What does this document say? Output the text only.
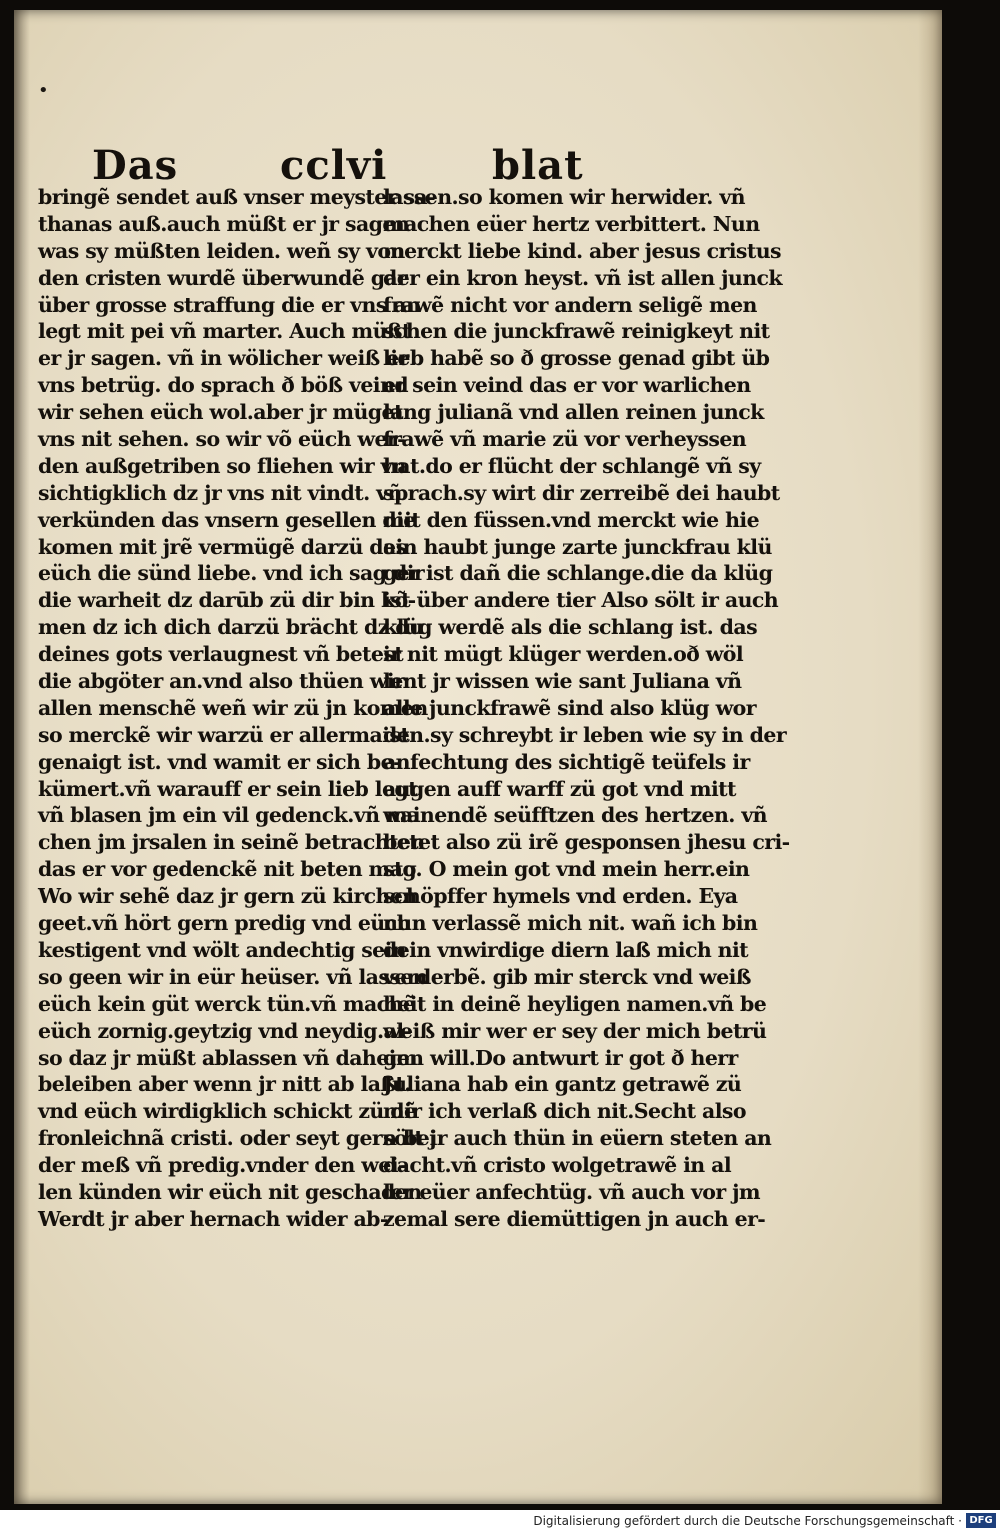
•
Das	cclvi	blat
bringẽ sendet auß vnser meyster sa-
thanas auß.auch müßt er jr sagen
was sy müßten leiden. weñ sy von
den cristen wurdẽ überwundẽ gar
über grosse straffung die er vns an
legt mit pei vñ marter. Auch müßt
er jr sagen. vñ in wölicher weiß er
vns betrüg. do sprach ð böß veind
wir sehen eüch wol.aber jr müget
vns nit sehen. so wir võ eüch wer-
den außgetriben so fliehen wir vn
sichtigklich dz jr vns nit vindt. vñ
verkünden das vnsern gesellen die
komen mit jrẽ vermügẽ darzü das
eüch die sünd liebe. vnd ich sag dir
die warheit dz darūb zü dir bin kõ-
men dz ich dich darzü brächt dz du
deines gots verlaugnest vñ betest
die abgöter an.vnd also thüen wir
allen menschẽ weñ wir zü jn komen
so merckẽ wir warzü er allermaist
genaigt ist. vnd wamit er sich be-
kümert.vñ warauff er sein lieb legt
vñ blasen jm ein vil gedenck.vñ ma
chen jm jrsalen in seinẽ betrachten
das er vor gedenckẽ nit beten mag
Wo wir sehẽ daz jr gern zü kirchen
geet.vñ hört gern predig vnd eüch
kestigent vnd wölt andechtig sein
so geen wir in eür heüser. vñ lassen
eüch kein güt werck tün.vñ machẽ
eüch zornig.geytzig vnd neydig.al-
so daz jr müßt ablassen vñ daheim
beleiben aber wenn jr nitt ab laßt.
vnd eüch wirdigklich schickt zü dẽ
fronleichnã cristi. oder seyt gern bej
der meß vñ predig.vnder den wei-
len künden wir eüch nit geschaden
Werdt jr aber hernach wider ab-
lassen.so komen wir herwider. vñ
machen eüer hertz verbittert. Nun
merckt liebe kind. aber jesus cristus
der ein kron heyst. vñ ist allen junck
frawẽ nicht vor andern seligẽ men
schen die junckfrawẽ reinigkeyt nit
lieb habẽ so ð grosse genad gibt üb
er sein veind das er vor warlichen
lang julianã vnd allen reinen junck
frawẽ vñ marie zü vor verheyssen
hat.do er flücht der schlangẽ vñ sy
sprach.sy wirt dir zerreibẽ dei haubt
mit den füssen.vnd merckt wie hie
ein haubt junge zarte junckfrau klü
ger ist dañ die schlange.die da klüg
ist über andere tier Also sölt ir auch
klüg werdẽ als die schlang ist. das
ir nit mügt klüger werden.oð wöl
lent jr wissen wie sant Juliana vñ
alle junckfrawẽ sind also klüg wor
den.sy schreybt ir leben wie sy in der
anfechtung des sichtigẽ teüfels ir
augen auff warff zü got vnd mitt
wainendẽ seüfftzen des hertzen. vñ
betet also zü irẽ gesponsen jhesu cri-
sto. O mein got vnd mein herr.ein
schöpffer hymels vnd erden. Eya
nun verlassẽ mich nit. wañ ich bin
dein vnwirdige diern laß mich nit
verderbẽ. gib mir sterck vnd weiß
heit in deinẽ heyligen namen.vñ be
weiß mir wer er sey der mich betrü
gen will.Do antwurt ir got ð herr
Juliana hab ein gantz getrawẽ zü
mir ich verlaß dich nit.Secht also
sölt ir auch thün in eüern steten an
dacht.vñ cristo wolgetrawẽ in al
ler eüer anfechtüg. vñ auch vor jm
zemal sere diemüttigen jn auch er-
Digitalisierung gefördert durch die Deutsche Forschungsgemeinschaft · DFG
